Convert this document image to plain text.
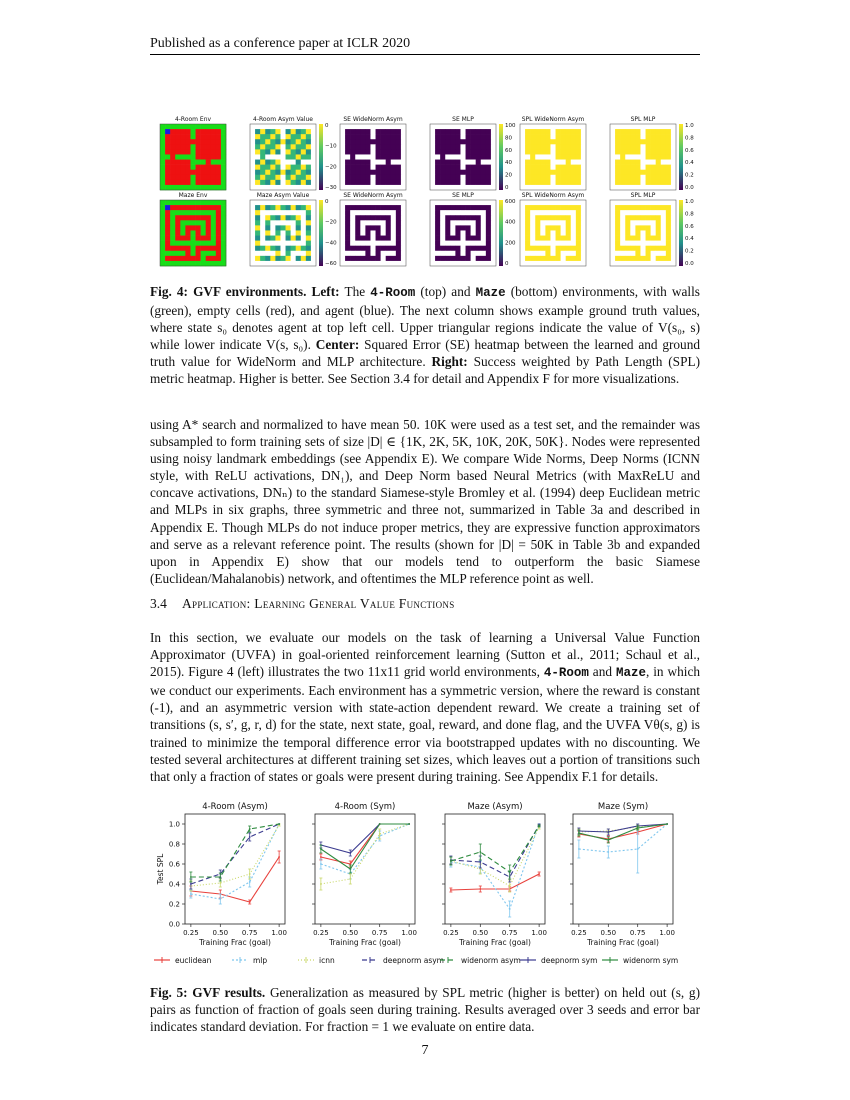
Published as a conference paper at ICLR 2020
4-Room Env	4-Room Asym Value
0
−10
−20
−30
SE WideNorm Asym	SE MLP
100
80
60
40
20
0
SPL WideNorm Asym	SPL MLP
1.0
0.8
0.6
0.4
0.2
0.0
Maze Env	Maze Asym Value
0
−20
−40
−60
SE WideNorm Asym	SE MLP
600
400
200
0
SPL WideNorm Asym	SPL MLP
1.0
0.8
0.6
0.4
0.2
0.0
Fig. 4: GVF environments. Left: The 4-Room (top) and Maze (bottom) environments, with walls (green), empty cells (red), and agent (blue). The next column shows example ground truth values, where state s₀ denotes agent at top left cell. Upper triangular regions indicate the value of V(s₀, s) while lower indicate V(s, s₀). Center: Squared Error (SE) heatmap between the learned and ground truth value for WideNorm and MLP architecture. Right: Success weighted by Path Length (SPL) metric heatmap. Higher is better. See Section 3.4 for detail and Appendix F for more visualizations.
using A* search and normalized to have mean 50. 10K were used as a test set, and the remainder was subsampled to form training sets of size |D| ∈ {1K, 2K, 5K, 10K, 20K, 50K}. Nodes were represented using noisy landmark embeddings (see Appendix E). We compare Wide Norms, Deep Norms (ICNN style, with ReLU activations, DN₁), and Deep Norm based Neural Metrics (with MaxReLU and concave activations, DNₙ) to the standard Siamese-style Bromley et al. (1994) deep Euclidean metric and MLPs in six graphs, three symmetric and three not, summarized in Table 3a and described in Appendix E. Though MLPs do not induce proper metrics, they are expressive function approximators and serve as a relevant reference point. The results (shown for |D| = 50K in Table 3b and expanded upon in Appendix E) show that our models tend to outperform the basic Siamese (Euclidean/Mahalanobis) network, and oftentimes the MLP reference point as well.
3.4 Application: Learning General Value Functions
In this section, we evaluate our models on the task of learning a Universal Value Function Approximator (UVFA) in goal-oriented reinforcement learning (Sutton et al., 2011; Schaul et al., 2015). Figure 4 (left) illustrates the two 11x11 grid world environments, 4-Room and Maze, in which we conduct our experiments. Each environment has a symmetric version, where the reward is constant (-1), and an asymmetric version with state-action dependent reward. We create a training set of transitions (s, s′, g, r, d) for the state, next state, goal, reward, and done flag, and the UVFA Vθ(s, g) is trained to minimize the temporal difference error via bootstrapped updates with no discounting. We tested several architectures at different training set sizes, which leaves out a portion of transitions such that only a fraction of states or goals were present during training. See Appendix F.1 for details.
4-Room (Asym)
0.25 0.50 0.75 1.00
Training Frac (goal)
0.0
0.2
0.4
0.6
0.8
1.0
Test SPL
4-Room (Sym)
0.25 0.50 0.75 1.00
Training Frac (goal)
Maze (Asym)
0.25 0.50 0.75 1.00
Training Frac (goal)
Maze (Sym)
0.25 0.50 0.75 1.00
Training Frac (goal)
euclidean	mlp	icnn	deepnorm asym widenorm asym	deepnorm sym	widenorm sym
Fig. 5: GVF results. Generalization as measured by SPL metric (higher is better) on held out (s, g) pairs as function of fraction of goals seen during training. Results averaged over 3 seeds and error bar indicates standard deviation. For fraction = 1 we evaluate on entire data.
7
